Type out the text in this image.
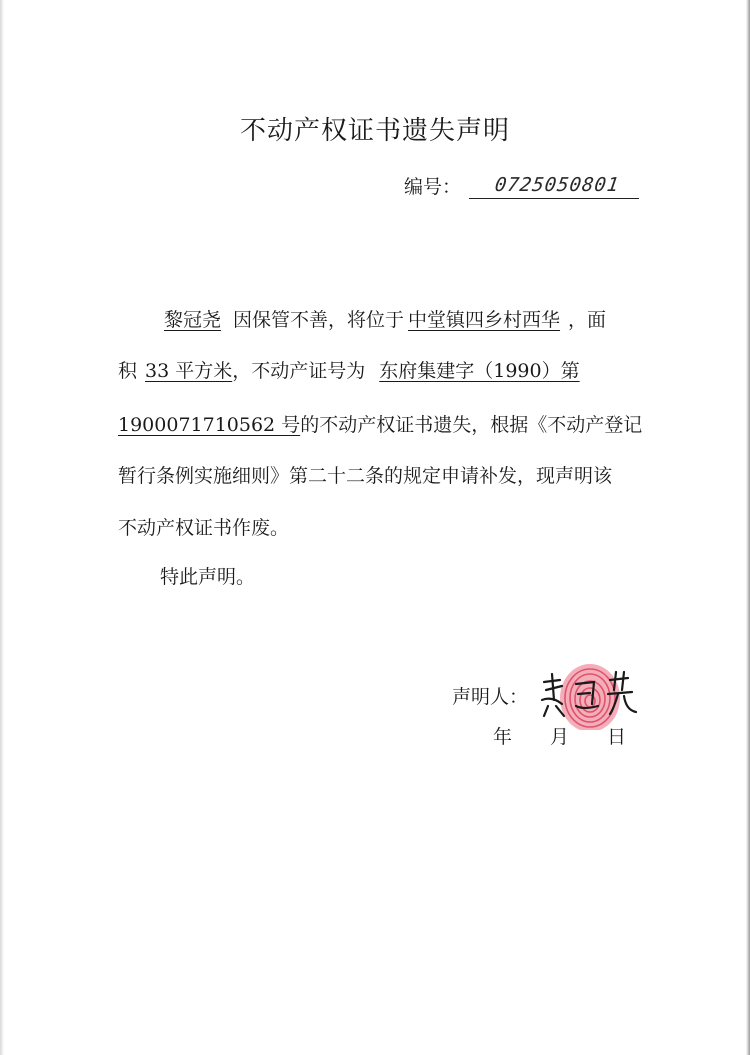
不动产权证书遗失声明
编号： 0725050801
黎冠尧 因保管不善，将位于 中堂镇四乡村西华 ，面
积 33 平方米，不动产证号为 东府集建字（1990）第
1900071710562 号的不动产权证书遗失，根据《不动产登记
暂行条例实施细则》第二十二条的规定申请补发，现声明该
不动产权证书作废。
特此声明。
声明人：
年 月 日
